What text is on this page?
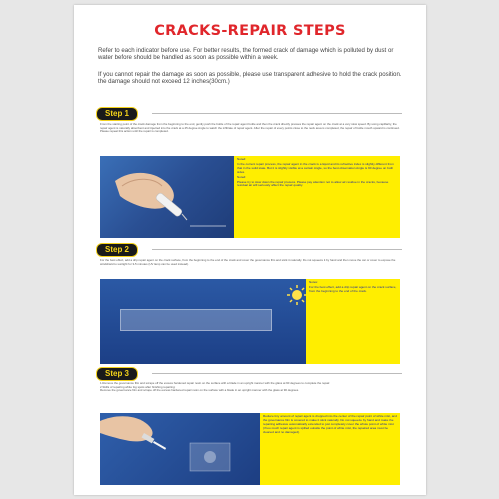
CRACKS-REPAIR STEPS
Refer to each indicator before use. For better results, the formed crack of damage which is polluted by dust or water before should be handled as soon as possible within a week.
If you cannot repair the damage as soon as possible, please use transparent adhesive to hold the crack position. the damage should not exceed 12 inches(30cm.)
Step 1
From the starting point of the crack damage from the beginning to the end, gently push the bottle of the repair agent bottle and then the crack directly presses the repair agent on the crack at a very slow speed. By using capillarity, the repair agent is naturally absorbent and injected into the crack at a 45 degree Angle to watch the infiltrate of repair agent. After the repair of every points close to the neck area is completed, the repair of bottle mouth upward is continued. Please repeat this action until the repair is completed.

Noted:

In the current repair process, the repair agent in the crack is a liquid and its refractive index is slightly different from that in the solid state. But it is slightly visible at a certain Angle, so the best observation Angle is 90 degree on both sides.

Noted:

Please try to slow down the repair process. Please pay attention not to allow air residue in the cracks, because residual air will seriously affect the repair quality.

Step 2
For the best effect, add a drip repair agent on the crack surface, from the beginning to the end of the crack and cover the governance film and stick it naturally. Do not squeeze it by hand and then move the car or cover to expose the windshield to sunlight for 3-5 minutes (UV lamp can be used instead).

Notes:

For the best effect, add a drip repair agent on the crack surface, from the beginning to the end of the crack.

Step 3
1.Remove the governance film and scrape off the excess hardened repair resin on the surface with a blade in an upright manner with the glass at 90 degrees to complete the repair.
2.Skills of repairing white fog spots after finishing repairing:
Remove the governance film and scrape off the excess hardened repair resin on the surface with a blade in an upright manner with the glass at 90 degrees.

Reduce tiny amount of repair agent is dropped into the center of the repair point of white mist, and the governance film is covered to make it stick naturally. Do not squeeze by hand and make the repairing adhesive automatically extended to just completely cover the whole point of white mist (if too much repair agent is spilled outside the point of white mist, the repaired area must be cleaned and no damaged).
